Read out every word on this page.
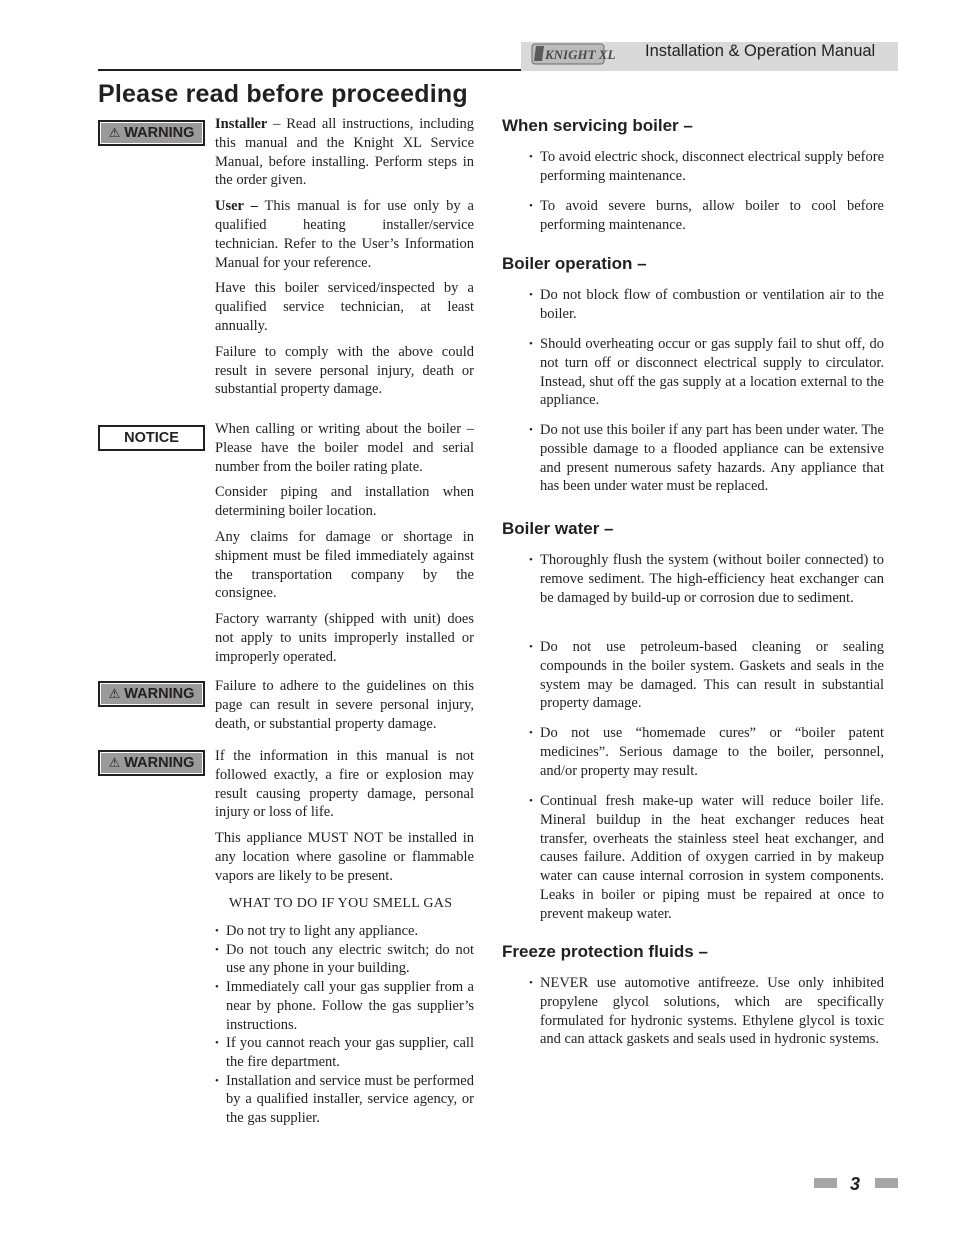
KNIGHT XL Installation & Operation Manual
Please read before proceeding
⚠ WARNING
NOTICE
⚠ WARNING
⚠ WARNING

Installer – Read all instructions, including this manual and the Knight XL Service Manual, before installing. Perform steps in the order given.

User – This manual is for use only by a qualified heating installer/service technician. Refer to the User’s Information Manual for your reference.

Have this boiler serviced/inspected by a qualified service technician, at least annually.

Failure to comply with the above could result in severe personal injury, death or substantial property damage.

When calling or writing about the boiler – Please have the boiler model and serial number from the boiler rating plate.

Consider piping and installation when determining boiler location.

Any claims for damage or shortage in shipment must be filed immediately against the transportation company by the consignee.

Factory warranty (shipped with unit) does not apply to units improperly installed or improperly operated.

Failure to adhere to the guidelines on this page can result in severe personal injury, death, or substantial property damage.

If the information in this manual is not followed exactly, a fire or explosion may result causing property damage, personal injury or loss of life.

This appliance MUST NOT be installed in any location where gasoline or flammable vapors are likely to be present.

WHAT TO DO IF YOU SMELL GAS
• Do not try to light any appliance.
• Do not touch any electric switch; do not use any phone in your building.
• Immediately call your gas supplier from a near by phone. Follow the gas supplier’s instructions.
• If you cannot reach your gas supplier, call the fire department.
• Installation and service must be performed by a qualified installer, service agency, or the gas supplier.
When servicing boiler –

• To avoid electric shock, disconnect electrical supply before performing maintenance.

• To avoid severe burns, allow boiler to cool before performing maintenance.

Boiler operation –

• Do not block flow of combustion or ventilation air to the boiler.

• Should overheating occur or gas supply fail to shut off, do not turn off or disconnect electrical supply to circulator. Instead, shut off the gas supply at a location external to the appliance.

• Do not use this boiler if any part has been under water. The possible damage to a flooded appliance can be extensive and present numerous safety hazards. Any appliance that has been under water must be replaced.

Boiler water –

• Thoroughly flush the system (without boiler connected) to remove sediment. The high-efficiency heat exchanger can be damaged by build-up or corrosion due to sediment.

• Do not use petroleum-based cleaning or sealing compounds in the boiler system. Gaskets and seals in the system may be damaged. This can result in substantial property damage.

• Do not use “homemade cures” or “boiler patent medicines”. Serious damage to the boiler, personnel, and/or property may result.

• Continual fresh make-up water will reduce boiler life. Mineral buildup in the heat exchanger reduces heat transfer, overheats the stainless steel heat exchanger, and causes failure. Addition of oxygen carried in by makeup water can cause internal corrosion in system components. Leaks in boiler or piping must be repaired at once to prevent makeup water.

Freeze protection fluids –

• NEVER use automotive antifreeze. Use only inhibited propylene glycol solutions, which are specifically formulated for hydronic systems. Ethylene glycol is toxic and can attack gaskets and seals used in hydronic systems.

3
